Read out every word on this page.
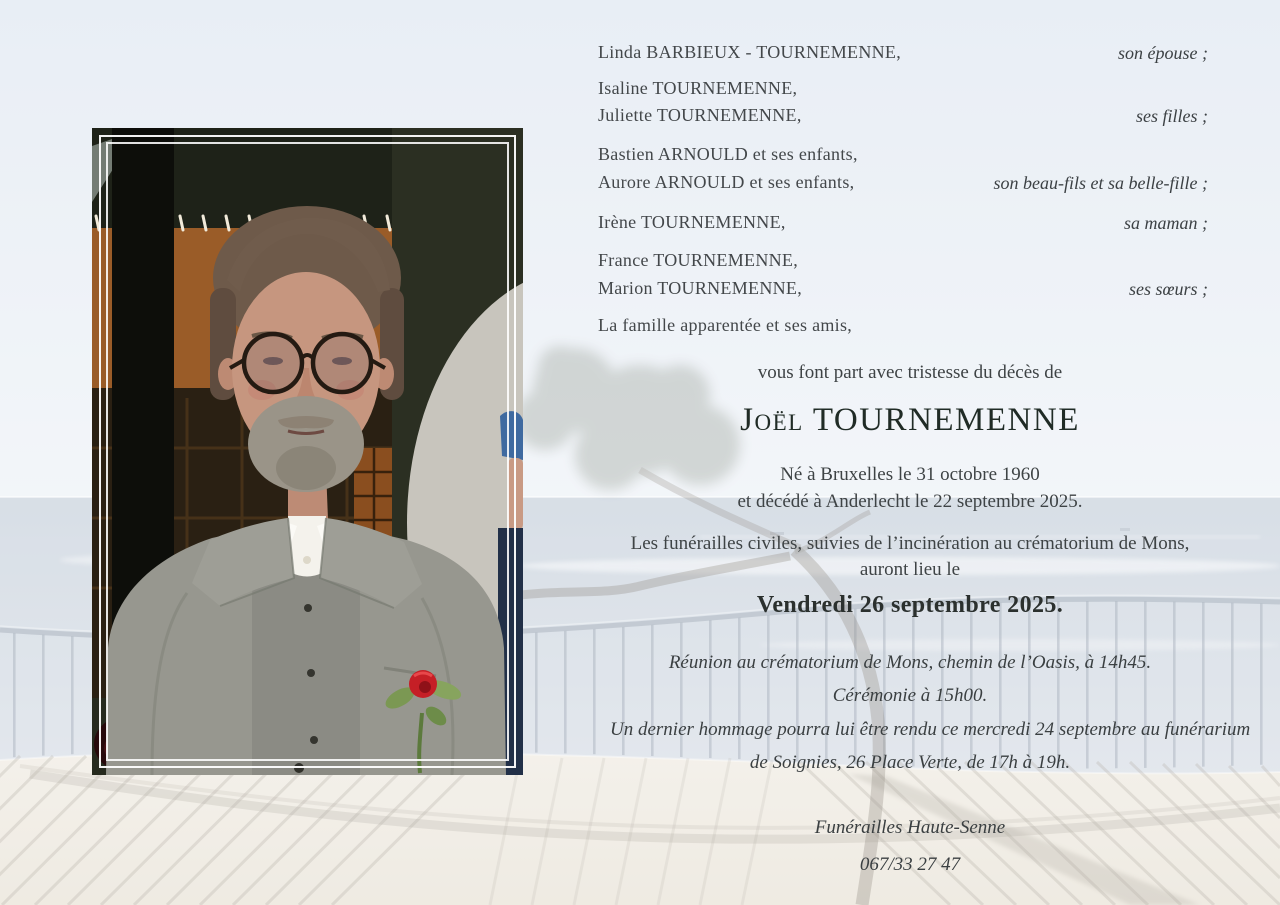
Linda BARBIEUX - TOURNEMENNE,	son épouse ;
Isaline TOURNEMENNE,
Juliette TOURNEMENNE,	ses filles ;
Bastien ARNOULD et ses enfants,
Aurore ARNOULD et ses enfants,	son beau-fils et sa belle-fille ;
Irène TOURNEMENNE,	sa maman ;
France TOURNEMENNE,
Marion TOURNEMENNE,	ses sœurs ;
La famille apparentée et ses amis,
vous font part avec tristesse du décès de
Joël TOURNEMENNE
Né à Bruxelles le 31 octobre 1960
et décédé à Anderlecht le 22 septembre 2025.
Les funérailles civiles, suivies de l’incinération au crématorium de Mons,
auront lieu le
Vendredi 26 septembre 2025.
Réunion au crématorium de Mons, chemin de l’Oasis, à 14h45.
Cérémonie à 15h00.
Un dernier hommage pourra lui être rendu ce mercredi 24 septembre au funérarium
de Soignies, 26 Place Verte, de 17h à 19h.
Funérailles Haute-Senne
067/33 27 47
